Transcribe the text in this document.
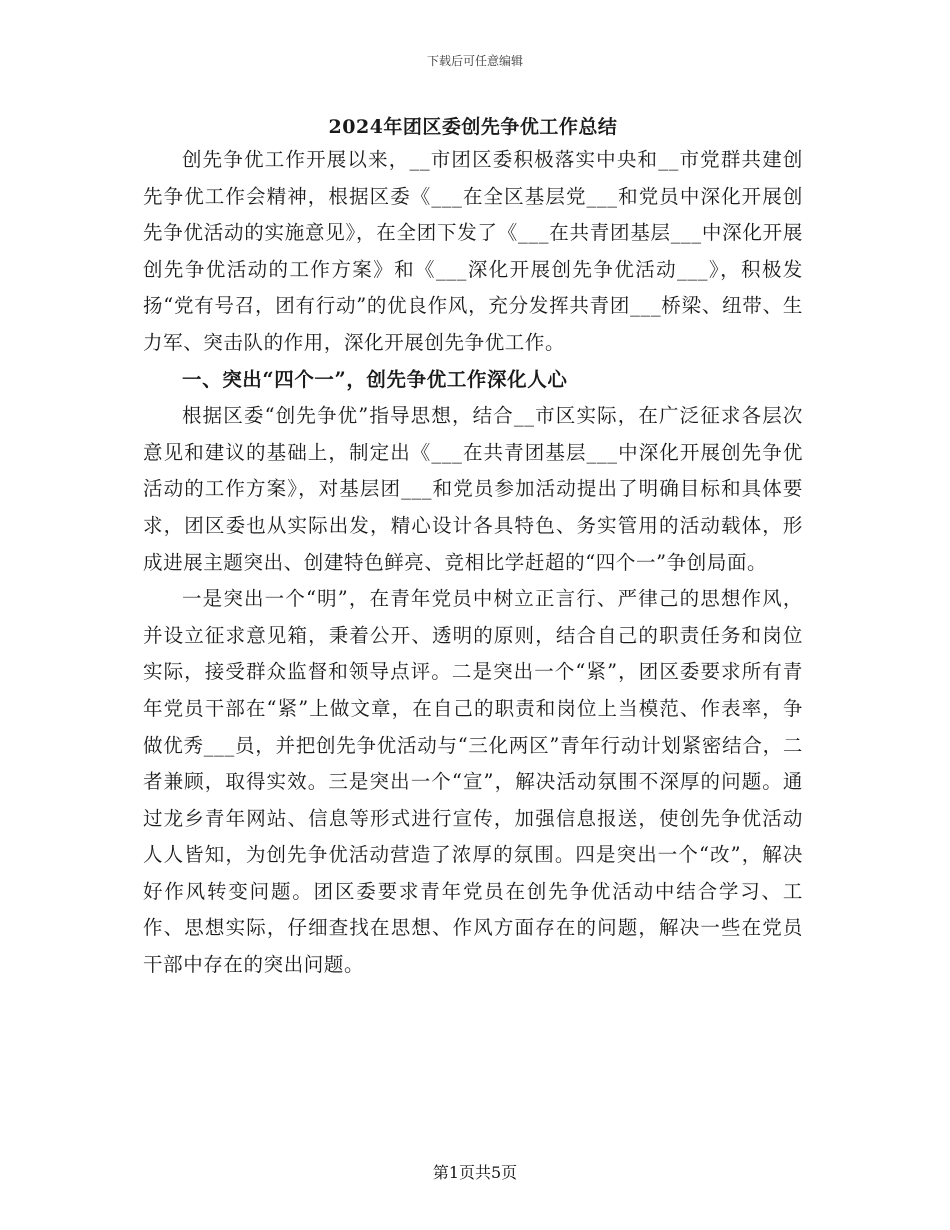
下载后可任意编辑
2024年团区委创先争优工作总结

创先争优工作开展以来，__市团区委积极落实中央和__市党群共建创先争优工作会精神，根据区委《___在全区基层党___和党员中深化开展创先争优活动的实施意见》，在全团下发了《___在共青团基层___中深化开展创先争优活动的工作方案》和《___深化开展创先争优活动___》，积极发扬“党有号召，团有行动”的优良作风，充分发挥共青团___桥梁、纽带、生力军、突击队的作用，深化开展创先争优工作。

一、突出“四个一”，创先争优工作深化人心

根据区委“创先争优”指导思想，结合__市区实际，在广泛征求各层次意见和建议的基础上，制定出《___在共青团基层___中深化开展创先争优活动的工作方案》，对基层团___和党员参加活动提出了明确目标和具体要求，团区委也从实际出发，精心设计各具特色、务实管用的活动载体，形成进展主题突出、创建特色鲜亮、竞相比学赶超的“四个一”争创局面。

一是突出一个“明”，在青年党员中树立正言行、严律己的思想作风，并设立征求意见箱，秉着公开、透明的原则，结合自己的职责任务和岗位实际，接受群众监督和领导点评。二是突出一个“紧”，团区委要求所有青年党员干部在“紧”上做文章，在自己的职责和岗位上当模范、作表率，争做优秀___员，并把创先争优活动与“三化两区”青年行动计划紧密结合，二者兼顾，取得实效。三是突出一个“宣”，解决活动氛围不深厚的问题。通过龙乡青年网站、信息等形式进行宣传，加强信息报送，使创先争优活动人人皆知，为创先争优活动营造了浓厚的氛围。四是突出一个“改”，解决好作风转变问题。团区委要求青年党员在创先争优活动中结合学习、工作、思想实际，仔细查找在思想、作风方面存在的问题，解决一些在党员干部中存在的突出问题。

第1页共5页
